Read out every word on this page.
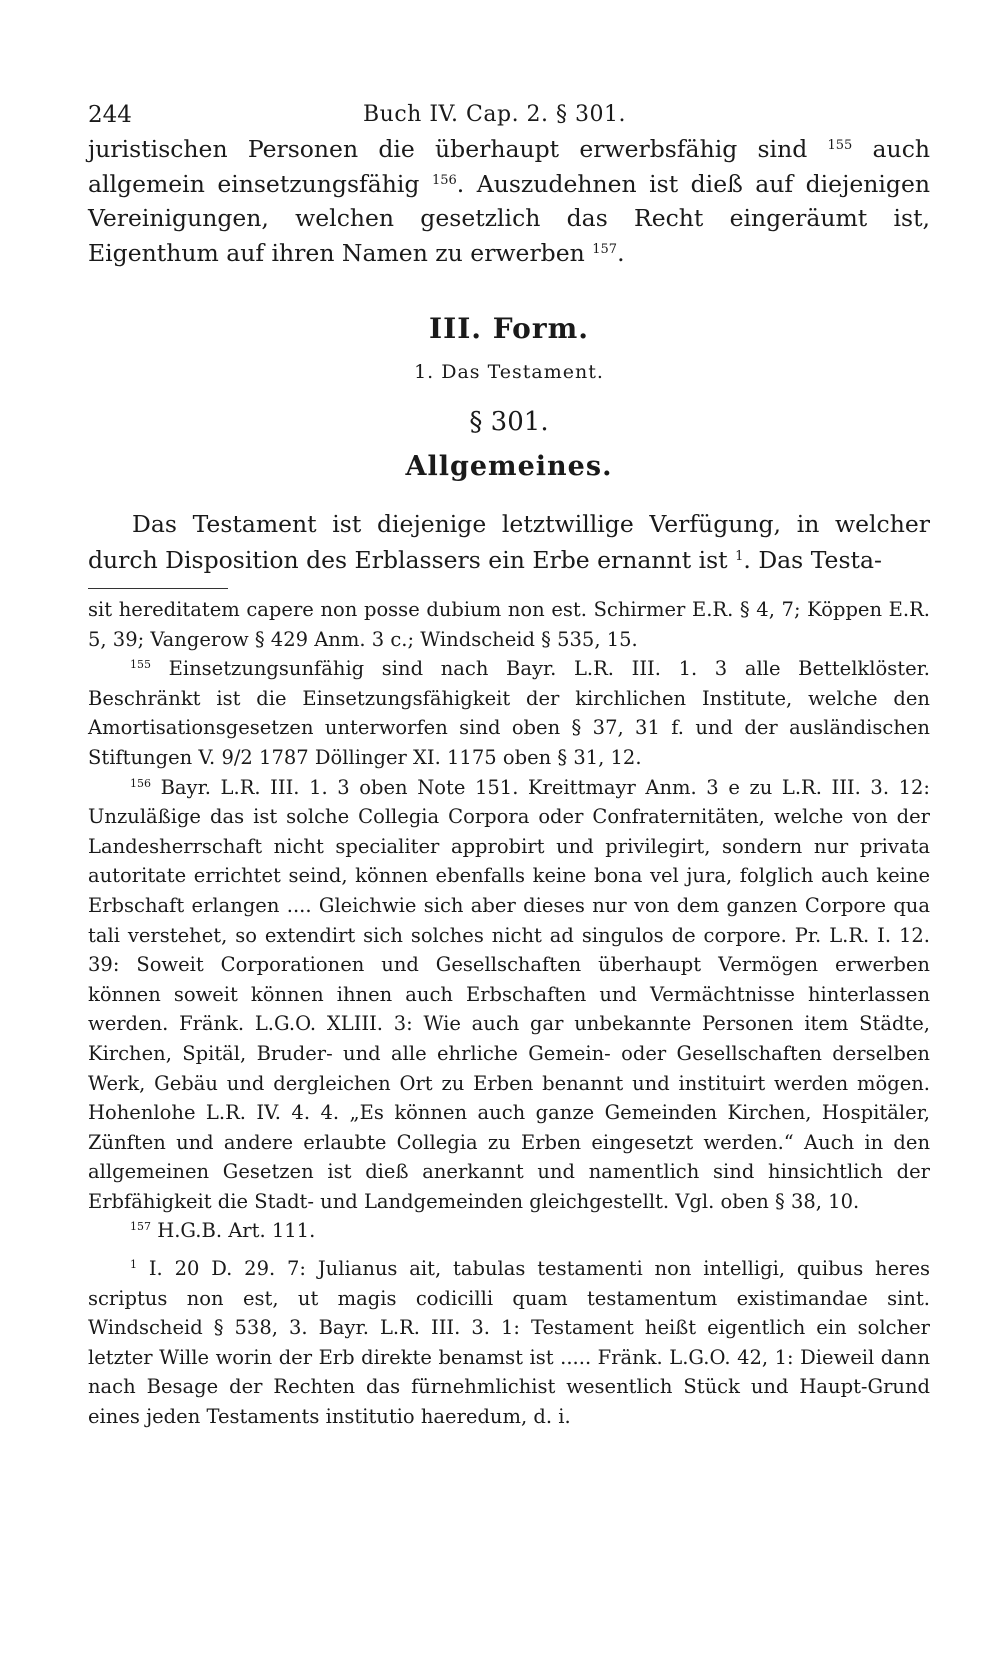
244	Buch IV. Cap. 2. § 301.

juristischen Personen die überhaupt erwerbsfähig sind $^{155}$ auch allgemein einsetzungsfähig $^{156}$. Auszudehnen ist dieß auf diejenigen Vereinigungen, welchen gesetzlich das Recht eingeräumt ist, Eigenthum auf ihren Namen zu erwerben $^{157}$.

III. Form.
1. Das Testament.
§ 301.
Allgemeines.
Das Testament ist diejenige letztwillige Verfügung, in welcher durch Disposition des Erblassers ein Erbe ernannt ist $^1$. Das Testa-

sit hereditatem capere non posse dubium non est. Schirmer E.R. § 4, 7; Köppen E.R. 5, 39; Vangerow § 429 Anm. 3 c.; Windscheid § 535, 15.

$^{155}$ Einsetzungsunfähig sind nach Bayr. L.R. III. 1. 3 alle Bettelklöster. Beschränkt ist die Einsetzungsfähigkeit der kirchlichen Institute, welche den Amortisationsgesetzen unterworfen sind oben § 37, 31 f. und der ausländischen Stiftungen V. 9/2 1787 Döllinger XI. 1175 oben § 31, 12.

$^{156}$ Bayr. L.R. III. 1. 3 oben Note 151. Kreittmayr Anm. 3 e zu L.R. III. 3. 12: Unzuläßige das ist solche Collegia Corpora oder Confraternitäten, welche von der Landesherrschaft nicht specialiter approbirt und privilegirt, sondern nur privata autoritate errichtet seind, können ebenfalls keine bona vel jura, folglich auch keine Erbschaft erlangen .... Gleichwie sich aber dieses nur von dem ganzen Corpore qua tali verstehet, so extendirt sich solches nicht ad singulos de corpore. Pr. L.R. I. 12. 39: Soweit Corporationen und Gesellschaften überhaupt Vermögen erwerben können soweit können ihnen auch Erbschaften und Vermächtnisse hinterlassen werden. Fränk. L.G.O. XLIII. 3: Wie auch gar unbekannte Personen item Städte, Kirchen, Spitäl, Bruder- und alle ehrliche Gemein- oder Gesellschaften derselben Werk, Gebäu und dergleichen Ort zu Erben benannt und instituirt werden mögen. Hohenlohe L.R. IV. 4. 4. „Es können auch ganze Gemeinden Kirchen, Hospitäler, Zünften und andere erlaubte Collegia zu Erben eingesetzt werden.“ Auch in den allgemeinen Gesetzen ist dieß anerkannt und namentlich sind hinsichtlich der Erbfähigkeit die Stadt- und Landgemeinden gleichgestellt. Vgl. oben § 38, 10.

$^{157}$ H.G.B. Art. 111.

$^1$ I. 20 D. 29. 7: Julianus ait, tabulas testamenti non intelligi, quibus heres scriptus non est, ut magis codicilli quam testamentum existimandae sint. Windscheid § 538, 3. Bayr. L.R. III. 3. 1: Testament heißt eigentlich ein solcher letzter Wille worin der Erb direkte benamst ist ..... Fränk. L.G.O. 42, 1: Dieweil dann nach Besage der Rechten das fürnehmlichist wesentlich Stück und Haupt-Grund eines jeden Testaments institutio haeredum, d. i.
